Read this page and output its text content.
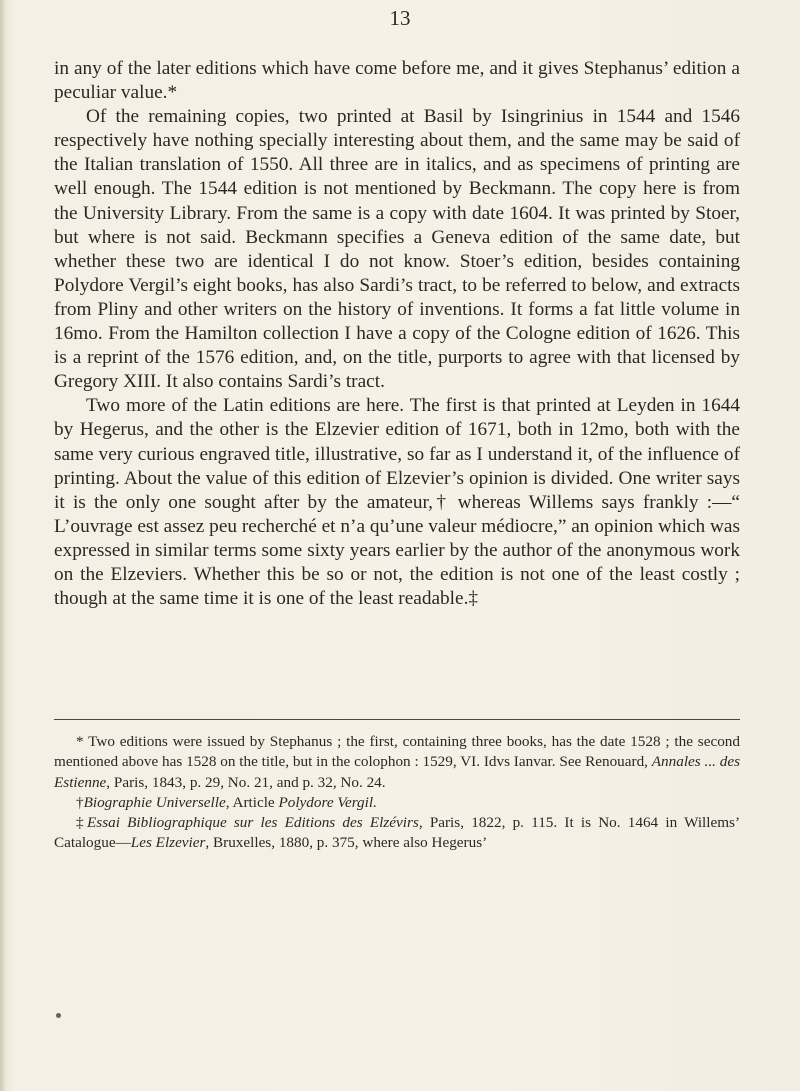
13

in any of the later editions which have come before me, and it gives Stephanus’ edition a peculiar value.*

Of the remaining copies, two printed at Basil by Isingrinius in 1544 and 1546 respectively have nothing specially interesting about them, and the same may be said of the Italian translation of 1550. All three are in italics, and as specimens of printing are well enough. The 1544 edition is not mentioned by Beckmann. The copy here is from the University Library. From the same is a copy with date 1604. It was printed by Stoer, but where is not said. Beckmann specifies a Geneva edition of the same date, but whether these two are identical I do not know. Stoer’s edition, besides containing Polydore Vergil’s eight books, has also Sardi’s tract, to be referred to below, and extracts from Pliny and other writers on the history of inventions. It forms a fat little volume in 16mo. From the Hamilton collection I have a copy of the Cologne edition of 1626. This is a reprint of the 1576 edition, and, on the title, purports to agree with that licensed by Gregory XIII. It also contains Sardi’s tract.

Two more of the Latin editions are here. The first is that printed at Leyden in 1644 by Hegerus, and the other is the Elzevier edition of 1671, both in 12mo, both with the same very curious engraved title, illustrative, so far as I understand it, of the influence of printing. About the value of this edition of Elzevier’s opinion is divided. One writer says it is the only one sought after by the amateur,† whereas Willems says frankly :—“ L’ouvrage est assez peu recherché et n’a qu’une valeur médiocre,” an opinion which was expressed in similar terms some sixty years earlier by the author of the anonymous work on the Elzeviers. Whether this be so or not, the edition is not one of the least costly ; though at the same time it is one of the least readable.‡

* Two editions were issued by Stephanus ; the first, containing three books, has the date 1528 ; the second mentioned above has 1528 on the title, but in the colophon : 1529, VI. Idvs Ianvar. See Renouard, Annales ... des Estienne, Paris, 1843, p. 29, No. 21, and p. 32, No. 24.

†Biographie Universelle, Article Polydore Vergil.

‡Essai Bibliographique sur les Editions des Elzévirs, Paris, 1822, p. 115. It is No. 1464 in Willems’ Catalogue—Les Elzevier, Bruxelles, 1880, p. 375, where also Hegerus’
